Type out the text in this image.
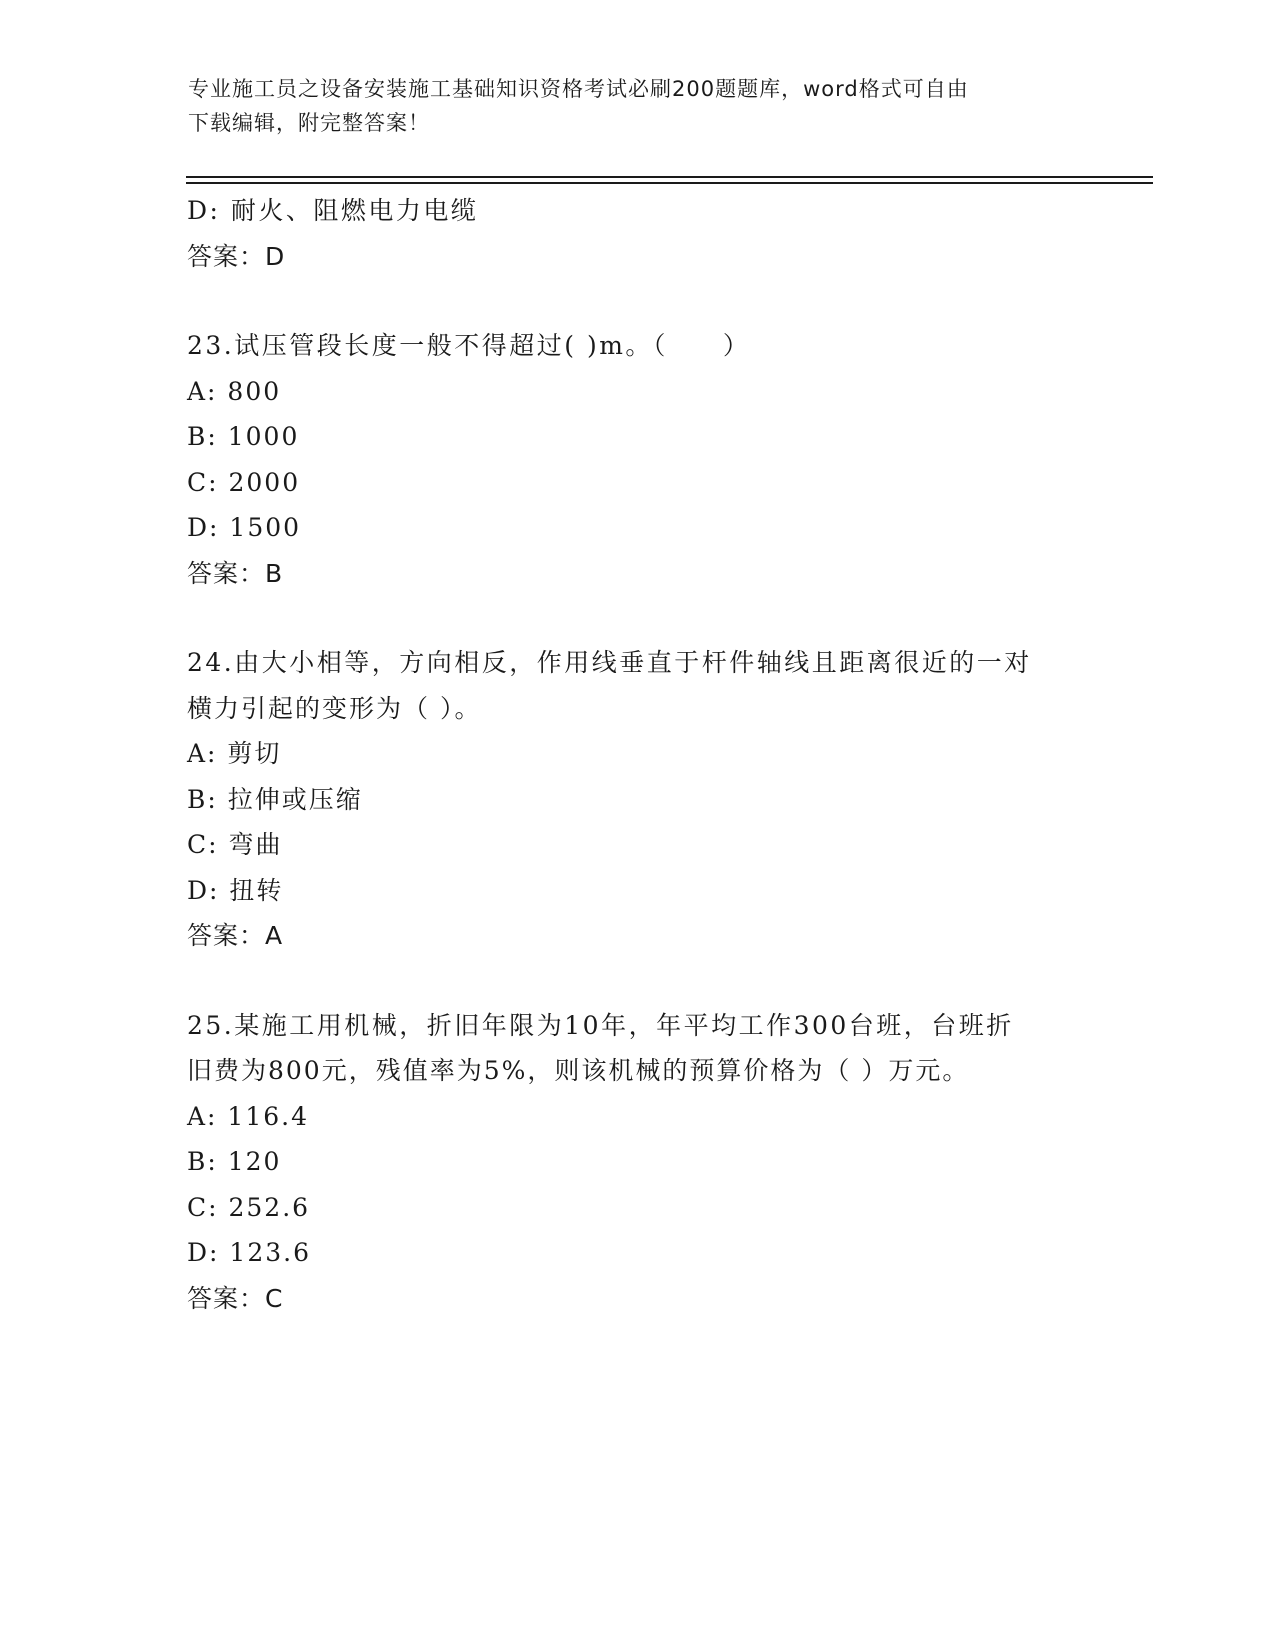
专业施工员之设备安装施工基础知识资格考试必刷200题题库，word格式可自由
下载编辑，附完整答案！
D: 耐火、阻燃电力电缆
答案：D
23.试压管段长度一般不得超过( )m。（　　）
A: 800
B: 1000
C: 2000
D: 1500
答案：B
24.由大小相等，方向相反，作用线垂直于杆件轴线且距离很近的一对
横力引起的变形为（ ）。
A: 剪切
B: 拉伸或压缩
C: 弯曲
D: 扭转
答案：A
25.某施工用机械，折旧年限为10年，年平均工作300台班，台班折
旧费为800元，残值率为5%，则该机械的预算价格为（ ）万元。
A: 116.4
B: 120
C: 252.6
D: 123.6
答案：C
